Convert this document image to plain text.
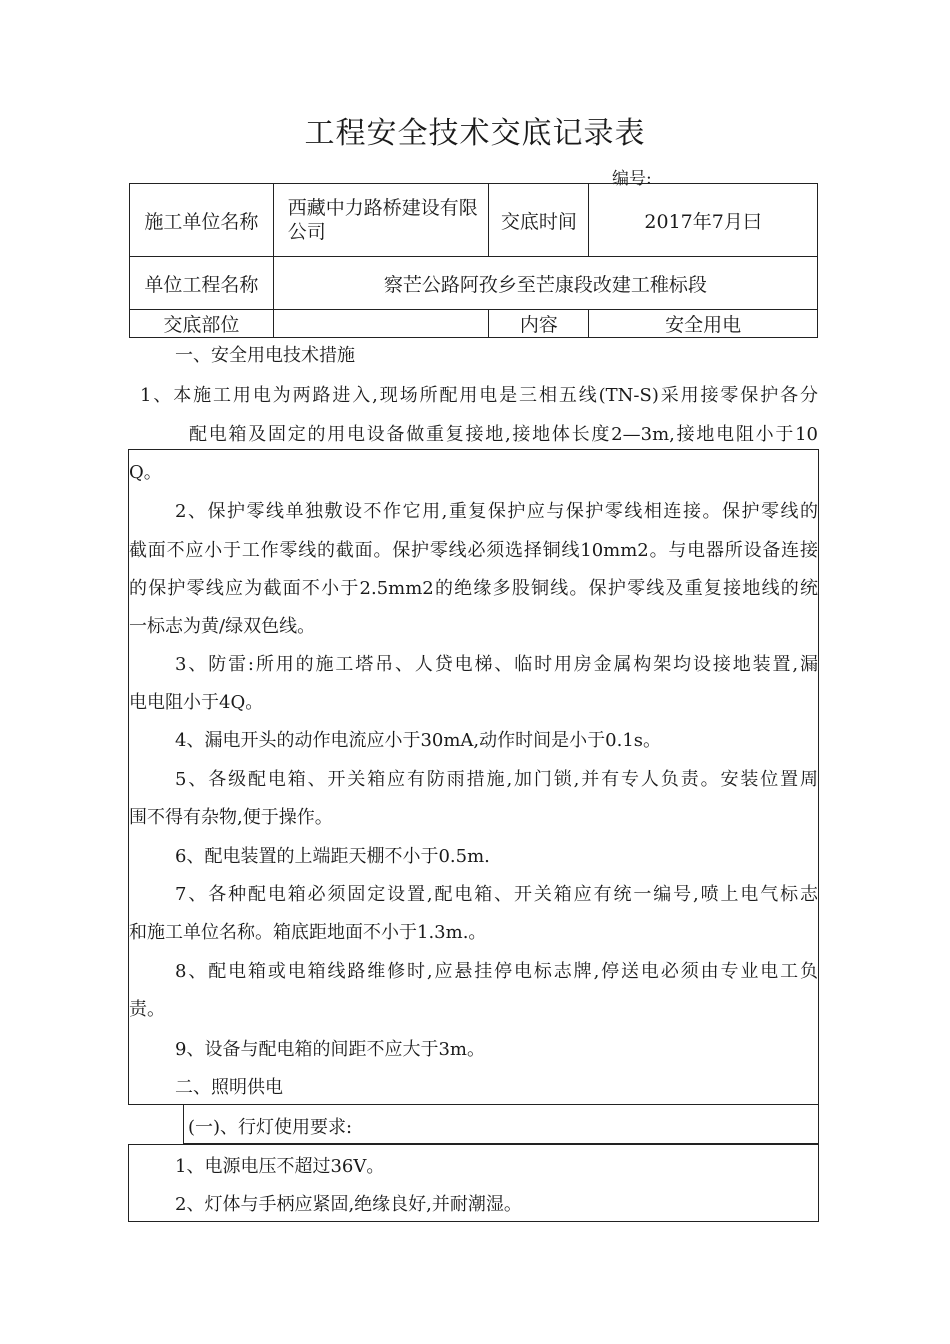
工程安全技术交底记录表
编号:
施工单位名称	西藏中力路桥建设有限公司	交底时间	2017年7月曰
单位工程名称	察芒公路阿孜乡至芒康段改建工稚标段		
交底部位		内容	安全用电
一、安全用电技术措施
1、本施工用电为两路进入,现场所配用电是三相五线(TN-S)采用接零保护各分
配电箱及固定的用电设备做重复接地,接地体长度2—3m,接地电阻小于10
Q。
2、保护零线单独敷设不作它用,重复保护应与保护零线相连接。保护零线的
截面不应小于工作零线的截面。保护零线必须选择铜线10mm2。与电器所设备连接
的保护零线应为截面不小于2.5mm2的绝缘多股铜线。保护零线及重复接地线的统
一标志为黄/绿双色线。
3、防雷:所用的施工塔吊、人贷电梯、临时用房金属构架均设接地装置,漏
电电阻小于4Q。
4、漏电开头的动作电流应小于30mA,动作时间是小于0.1s。
5、各级配电箱、开关箱应有防雨措施,加门锁,并有专人负责。安装位置周
围不得有杂物,便于操作。
6、配电装置的上端距天棚不小于0.5m.
7、各种配电箱必须固定设置,配电箱、开关箱应有统一编号,喷上电气标志
和施工单位名称。箱底距地面不小于1.3m.。
8、配电箱或电箱线路维修时,应悬挂停电标志牌,停送电必须由专业电工负
责。
9、设备与配电箱的间距不应大于3m。
二、照明供电
(一)、行灯使用要求:
1、电源电压不超过36V。
2、灯体与手柄应紧固,绝缘良好,并耐潮湿。
